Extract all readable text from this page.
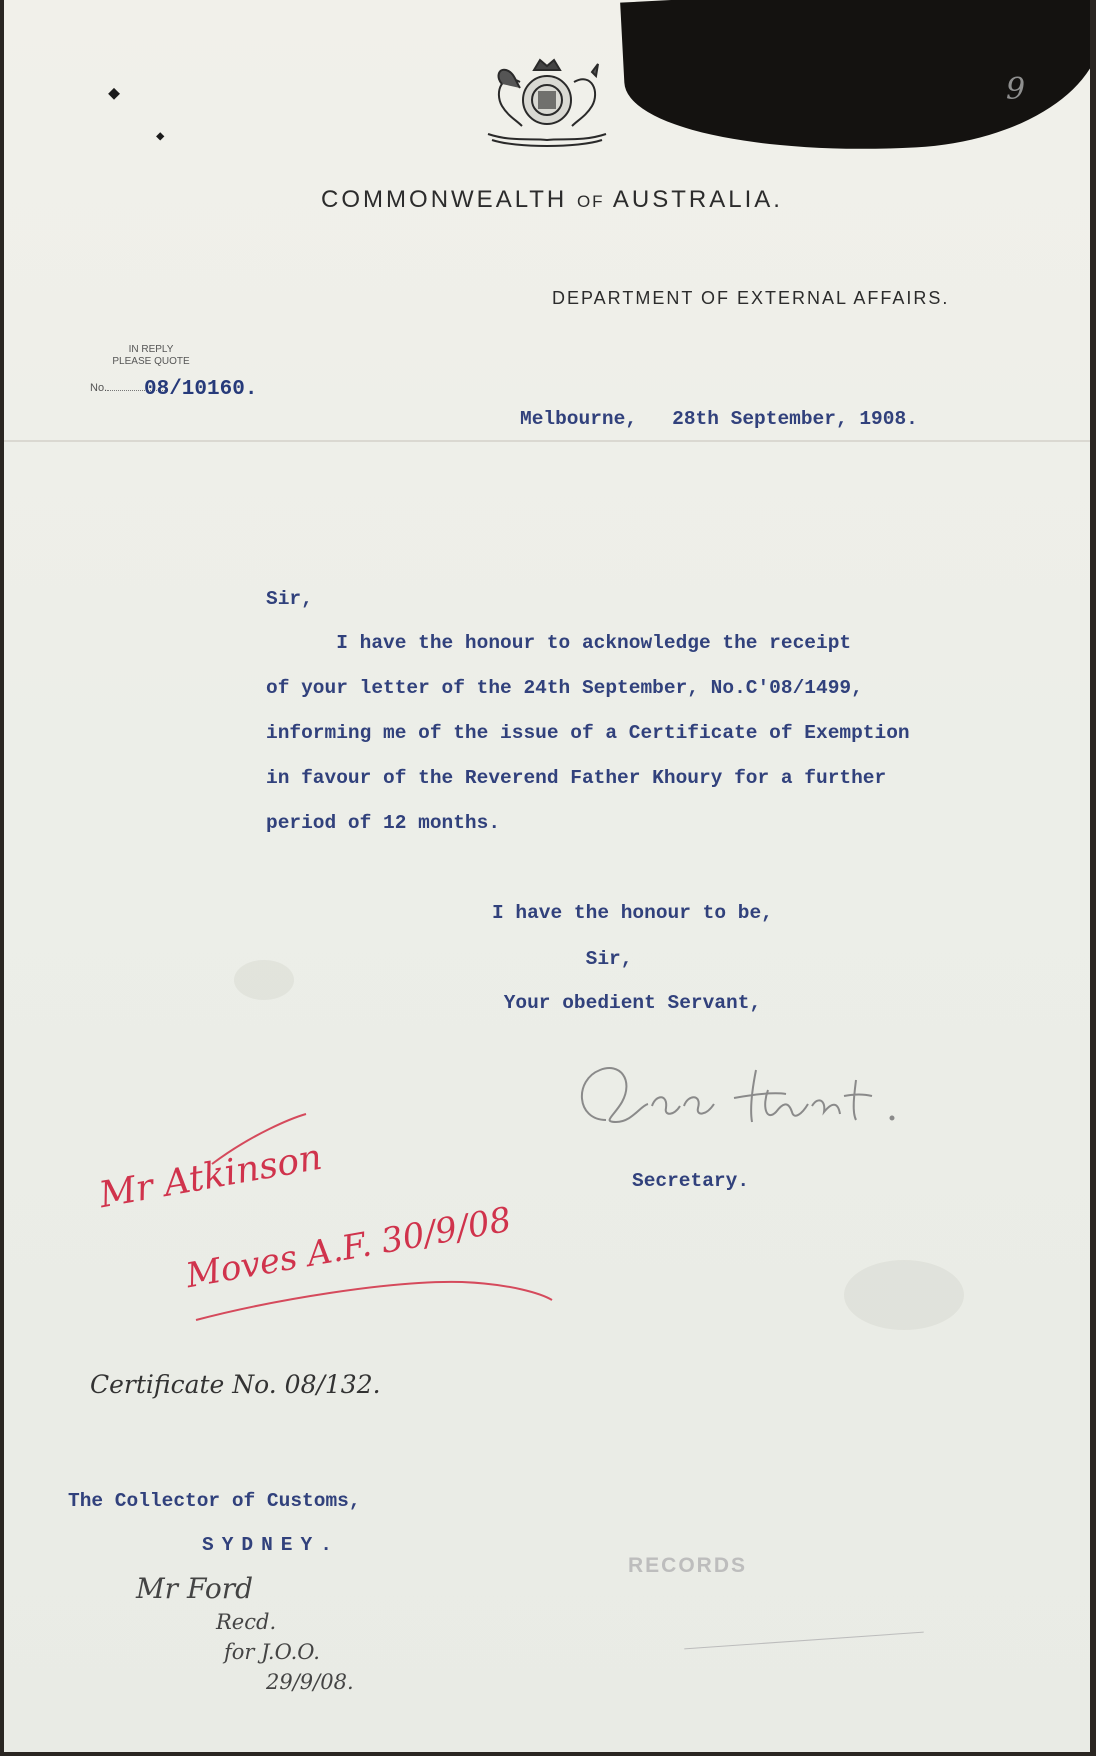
9
◆
◆
COMMONWEALTH OF AUSTRALIA.
DEPARTMENT OF EXTERNAL AFFAIRS.
IN REPLY
PLEASE QUOTE
No.	08/10160.
Melbourne,   28th September, 1908.
Sir,
I have the honour to acknowledge the receipt
of your letter of the 24th September, No.C'08/1499,
informing me of the issue of a Certificate of Exemption
in favour of the Reverend Father Khoury for a further
period of 12 months.
I have the honour to be,
Sir,
Your obedient Servant,
Atlee Hunt.
Secretary.
Mr Atkinson
Moves A.F. 30/9/08
Certificate No. 08/132.
The Collector of Customs,
SYDNEY.
Mr Ford
Recd.
for J.O.O.
29/9/08.
RECORDS
